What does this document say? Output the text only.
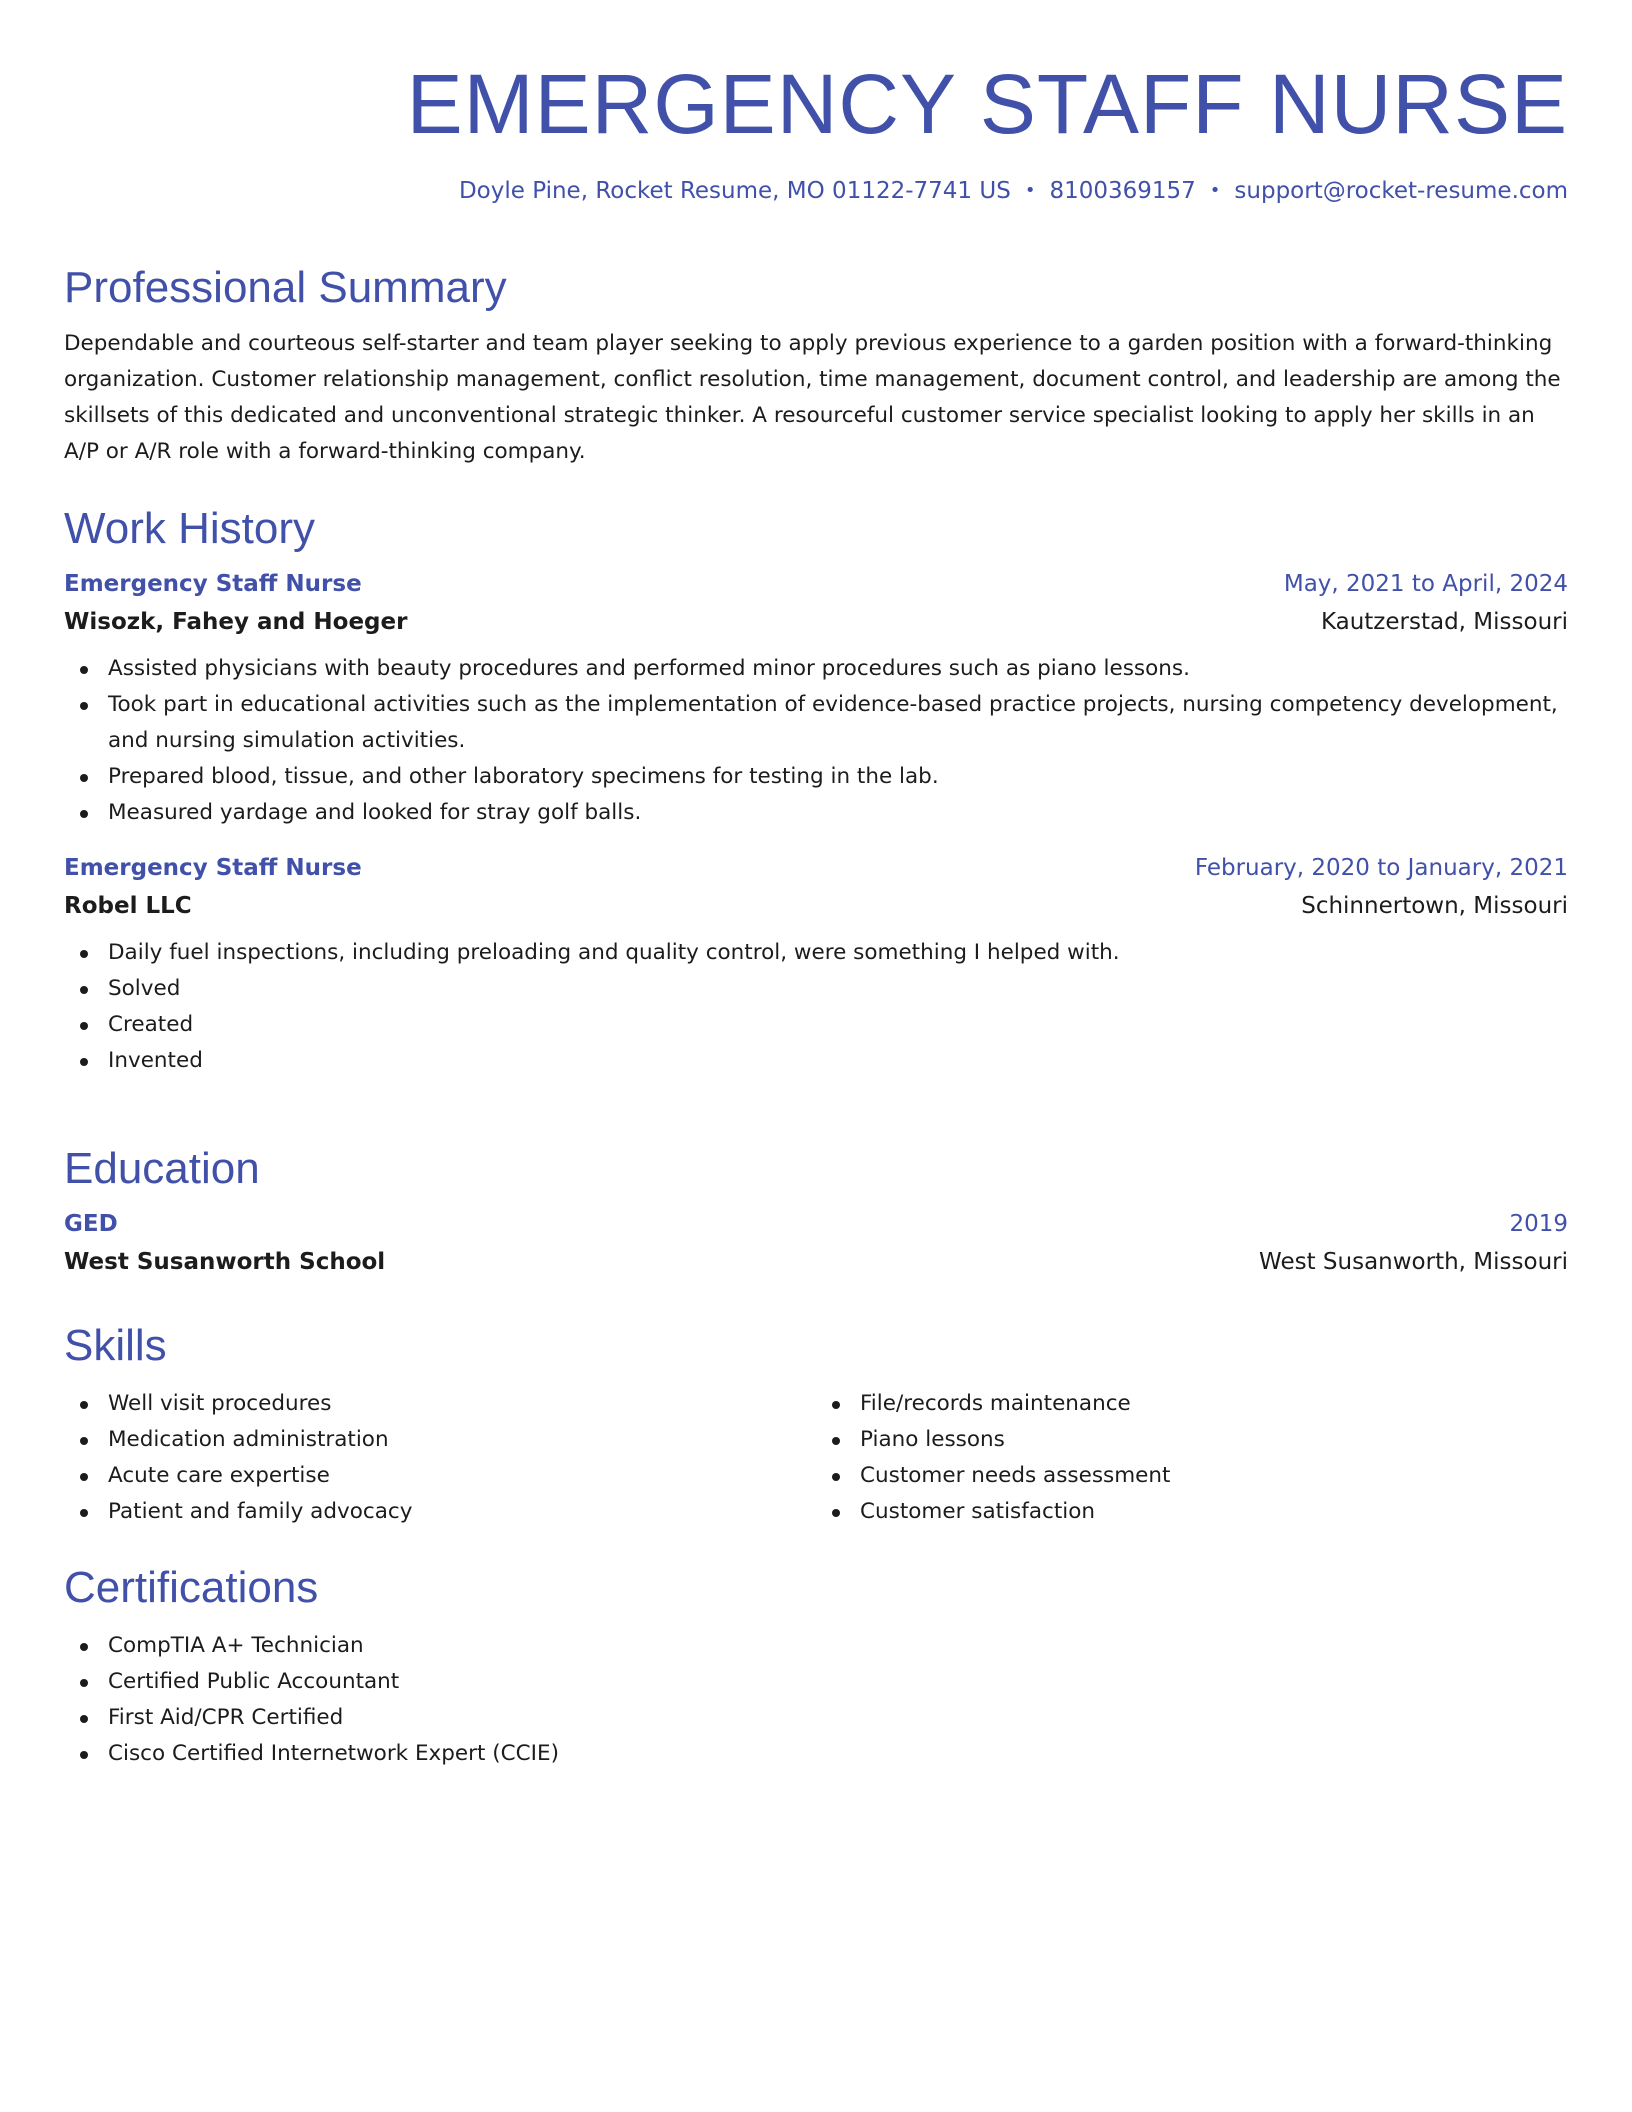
EMERGENCY STAFF NURSE

Doyle Pine, Rocket Resume, MO 01122-7741 US • 8100369157 • support@rocket-resume.com

Professional Summary

Dependable and courteous self-starter and team player seeking to apply previous experience to a garden position with a forward-thinking organization. Customer relationship management, conflict resolution, time management, document control, and leadership are among the skillsets of this dedicated and unconventional strategic thinker. A resourceful customer service specialist looking to apply her skills in an A/P or A/R role with a forward-thinking company.

Work History
Emergency Staff Nurse	May, 2021 to April, 2024
Wisozk, Fahey and Hoeger	Kautzerstad, Missouri
Assisted physicians with beauty procedures and performed minor procedures such as piano lessons.
Took part in educational activities such as the implementation of evidence-based practice projects, nursing competency development, and nursing simulation activities.
Prepared blood, tissue, and other laboratory specimens for testing in the lab.
Measured yardage and looked for stray golf balls.
Emergency Staff Nurse	February, 2020 to January, 2021
Robel LLC	Schinnertown, Missouri
Daily fuel inspections, including preloading and quality control, were something I helped with.
Solved
Created
Invented
Education
GED	2019
West Susanworth School	West Susanworth, Missouri
Skills
Well visit procedures
Medication administration
Acute care expertise
Patient and family advocacy
File/records maintenance
Piano lessons
Customer needs assessment
Customer satisfaction
Certifications
CompTIA A+ Technician
Certified Public Accountant
First Aid/CPR Certified
Cisco Certified Internetwork Expert (CCIE)
